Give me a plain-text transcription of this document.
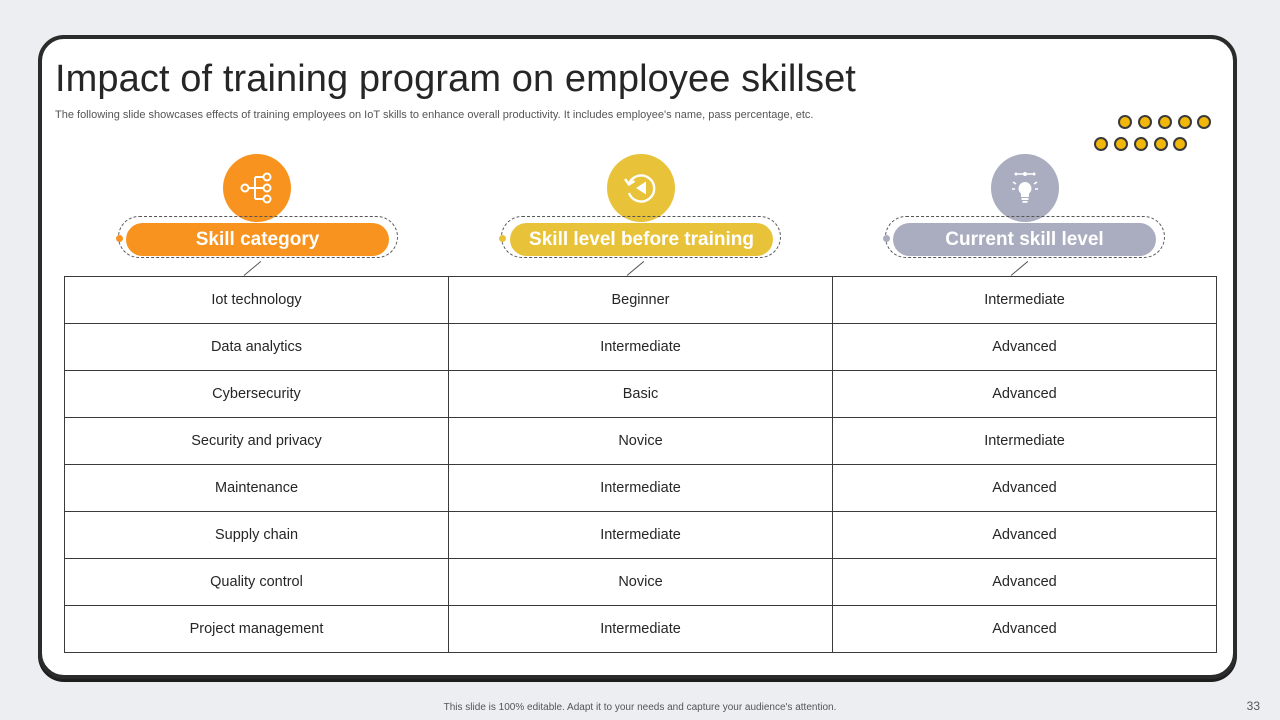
Impact of training program on employee skillset
The following slide showcases effects of training employees on IoT skills to enhance overall productivity. It includes employee's name, pass percentage, etc.
Skill category	Skill level before training	Current skill level
Iot technology	Beginner	Intermediate
Data analytics	Intermediate	Advanced
Cybersecurity	Basic	Advanced
Security and privacy	Novice	Intermediate
Maintenance	Intermediate	Advanced
Supply chain	Intermediate	Advanced
Quality control	Novice	Advanced
Project management	Intermediate	Advanced
This slide is 100% editable. Adapt it to your needs and capture your audience's attention.	33
